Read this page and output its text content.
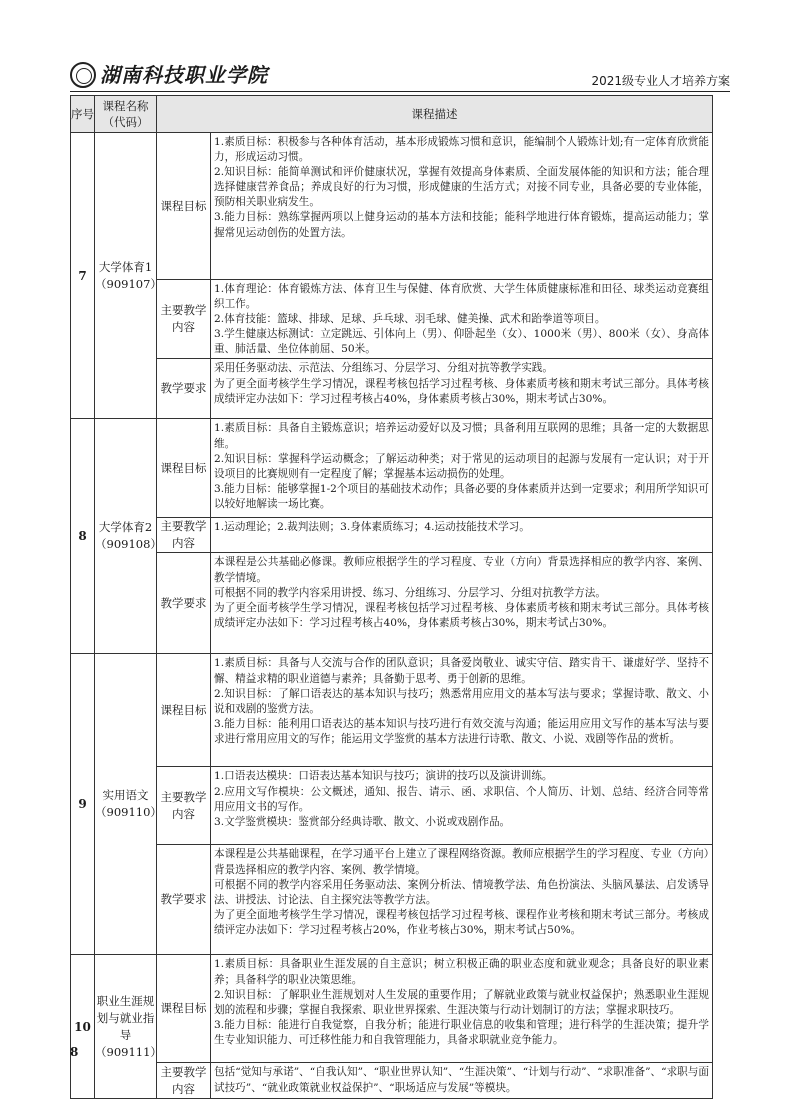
湖南科技职业学院	2021级专业人才培养方案
序号	课程名称（代码）	课程描述	
7	大学体育1（909107）	课程目标	1.素质目标：积极参与各种体育活动，基本形成锻炼习惯和意识，能编制个人锻炼计划;有一定体育欣赏能力，形成运动习惯。
2.知识目标：能简单测试和评价健康状况，掌握有效提高身体素质、全面发展体能的知识和方法；能合理选择健康营养食品；养成良好的行为习惯，形成健康的生活方式；对接不同专业，具备必要的专业体能，预防相关职业病发生。
3.能力目标：熟练掌握两项以上健身运动的基本方法和技能；能科学地进行体育锻炼，提高运动能力；掌握常见运动创伤的处置方法。

		主要教学内容	1.体育理论：体育锻炼方法、体育卫生与保健、体育欣赏、大学生体质健康标准和田径、球类运动竞赛组织工作。
2.体育技能：篮球、排球、足球、乒乓球、羽毛球、健美操、武术和跆拳道等项目。
3.学生健康达标测试：立定跳远、引体向上（男）、仰卧起坐（女）、1000米（男）、800米（女）、身高体重、肺活量、坐位体前屈、50米。

		教学要求	采用任务驱动法、示范法、分组练习、分层学习、分组对抗等教学实践。
为了更全面考核学生学习情况，课程考核包括学习过程考核、身体素质考核和期末考试三部分。具体考核成绩评定办法如下：学习过程考核占40%，身体素质考核占30%，期末考试占30%。

8	大学体育2（909108）	课程目标	1.素质目标：具备自主锻炼意识；培养运动爱好以及习惯；具备利用互联网的思维；具备一定的大数据思维。
2.知识目标：掌握科学运动概念；了解运动种类；对于常见的运动项目的起源与发展有一定认识；对于开设项目的比赛规则有一定程度了解；掌握基本运动损伤的处理。
3.能力目标：能够掌握1-2个项目的基础技术动作；具备必要的身体素质并达到一定要求；利用所学知识可以较好地解读一场比赛。

		主要教学内容	1.运动理论；2.裁判法则；3.身体素质练习；4.运动技能技术学习。

		教学要求	本课程是公共基础必修课。教师应根据学生的学习程度、专业（方向）背景选择相应的教学内容、案例、教学情境。
可根据不同的教学内容采用讲授、练习、分组练习、分层学习、分组对抗教学方法。
为了更全面考核学生学习情况，课程考核包括学习过程考核、身体素质考核和期末考试三部分。具体考核成绩评定办法如下：学习过程考核占40%，身体素质考核占30%，期末考试占30%。

9	实用语文（909110）	课程目标	1.素质目标：具备与人交流与合作的团队意识；具备爱岗敬业、诚实守信、踏实肯干、谦虚好学、坚持不懈、精益求精的职业道德与素养；具备勤于思考、勇于创新的思维。
2.知识目标：了解口语表达的基本知识与技巧；熟悉常用应用文的基本写法与要求；掌握诗歌、散文、小说和戏剧的鉴赏方法。
3.能力目标：能利用口语表达的基本知识与技巧进行有效交流与沟通；能运用应用文写作的基本写法与要求进行常用应用文的写作；能运用文学鉴赏的基本方法进行诗歌、散文、小说、戏剧等作品的赏析。

		主要教学内容	1.口语表达模块：口语表达基本知识与技巧；演讲的技巧以及演讲训练。
2.应用文写作模块：公文概述，通知、报告、请示、函、求职信、个人简历、计划、总结、经济合同等常用应用文书的写作。
3.文学鉴赏模块：鉴赏部分经典诗歌、散文、小说或戏剧作品。

		教学要求	本课程是公共基础课程，在学习通平台上建立了课程网络资源。教师应根据学生的学习程度、专业（方向）背景选择相应的教学内容、案例、教学情境。
可根据不同的教学内容采用任务驱动法、案例分析法、情境教学法、角色扮演法、头脑风暴法、启发诱导法、讲授法、讨论法、自主探究法等教学方法。
为了更全面地考核学生学习情况，课程考核包括学习过程考核、课程作业考核和期末考试三部分。考核成绩评定办法如下：学习过程考核占20%，作业考核占30%，期末考试占50%。

10	职业生涯规划与就业指导（909111）	课程目标	1.素质目标：具备职业生涯发展的自主意识；树立积极正确的职业态度和就业观念；具备良好的职业素养；具备科学的职业决策思维。
2.知识目标：了解职业生涯规划对人生发展的重要作用；了解就业政策与就业权益保护；熟悉职业生涯规划的流程和步骤；掌握自我探索、职业世界探索、生涯决策与行动计划制订的方法；掌握求职技巧。
3.能力目标：能进行自我觉察，自我分析；能进行职业信息的收集和管理；进行科学的生涯决策；提升学生专业知识能力、可迁移性能力和自我管理能力，具备求职就业竞争能力。

		主要教学内容	包括“觉知与承诺”、“自我认知”、“职业世界认知”、“生涯决策”、“计划与行动”、“求职准备”、“求职与面试技巧”、“就业政策就业权益保护”、“职场适应与发展”等模块。
8
